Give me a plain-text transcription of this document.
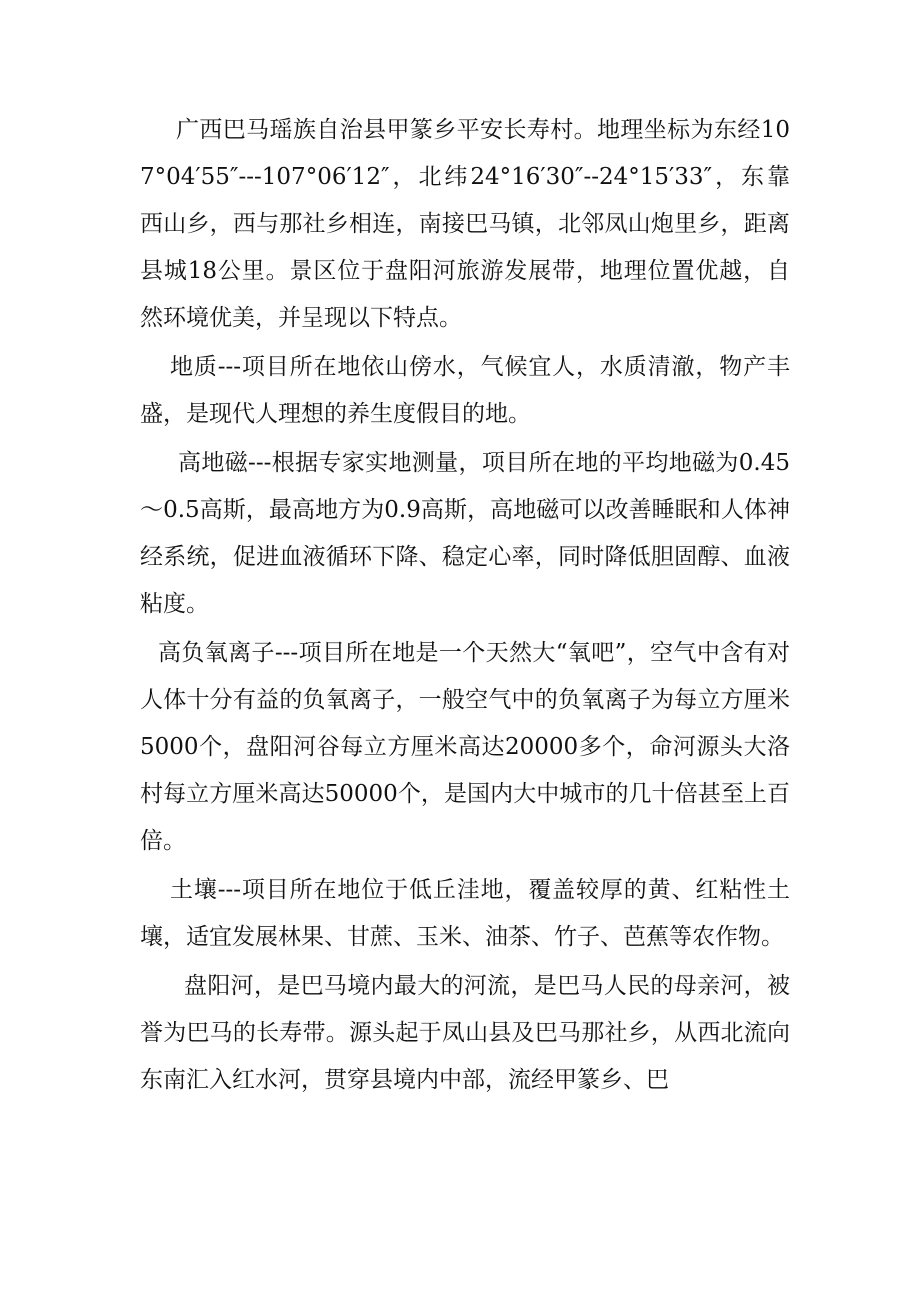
广西巴马瑶族自治县甲篆乡平安长寿村。地理坐标为东经107°04′55″---107°06′12″，北纬24°16′30″--24°15′33″，东靠西山乡，西与那社乡相连，南接巴马镇，北邻凤山炮里乡，距离县城18公里。景区位于盘阳河旅游发展带，地理位置优越，自然环境优美，并呈现以下特点。

地质---项目所在地依山傍水，气候宜人，水质清澈，物产丰盛，是现代人理想的养生度假目的地。

高地磁---根据专家实地测量，项目所在地的平均地磁为0.45～0.5高斯，最高地方为0.9高斯，高地磁可以改善睡眠和人体神经系统，促进血液循环下降、稳定心率，同时降低胆固醇、血液粘度。

高负氧离子---项目所在地是一个天然大“氧吧”，空气中含有对人体十分有益的负氧离子，一般空气中的负氧离子为每立方厘米5000个，盘阳河谷每立方厘米高达20000多个，命河源头大洛村每立方厘米高达50000个，是国内大中城市的几十倍甚至上百倍。

土壤---项目所在地位于低丘洼地，覆盖较厚的黄、红粘性土壤，适宜发展林果、甘蔗、玉米、油茶、竹子、芭蕉等农作物。

盘阳河，是巴马境内最大的河流，是巴马人民的母亲河，被誉为巴马的长寿带。源头起于凤山县及巴马那社乡，从西北流向东南汇入红水河，贯穿县境内中部，流经甲篆乡、巴
